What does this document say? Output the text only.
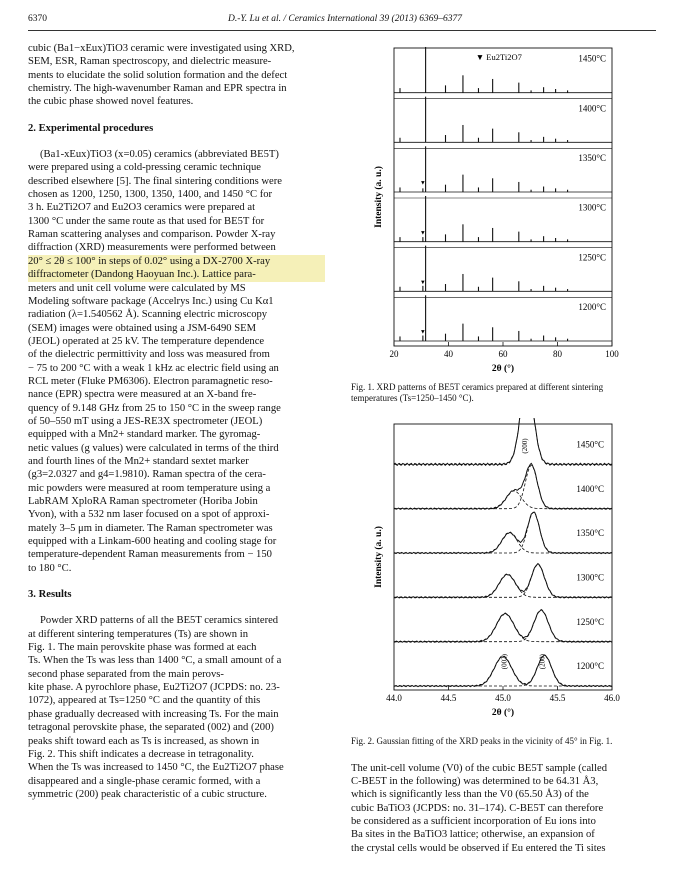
6370	D.-Y. Lu et al. / Ceramics International 39 (2013) 6369–6377

cubic (Ba1−xEux)TiO3 ceramic were investigated using XRD,

SEM, ESR, Raman spectroscopy, and dielectric measure-

ments to elucidate the solid solution formation and the defect

chemistry. The high-wavenumber Raman and EPR spectra in

the cubic phase showed novel features.

2. Experimental procedures

(Ba1-xEux)TiO3 (x=0.05) ceramics (abbreviated BE5T)

were prepared using a cold-pressing ceramic technique

described elsewhere [5]. The final sintering conditions were

chosen as 1200, 1250, 1300, 1350, 1400, and 1450 °C for

3 h. Eu2Ti2O7 and Eu2O3 ceramics were prepared at

1300 °C under the same route as that used for BE5T for

Raman scattering analyses and comparison. Powder X-ray

diffraction (XRD) measurements were performed between

20° ≤ 2θ ≤ 100° in steps of 0.02° using a DX-2700 X-ray

diffractometer (Dandong Haoyuan Inc.). Lattice para-

meters and unit cell volume were calculated by MS

Modeling software package (Accelrys Inc.) using Cu Kα1

radiation (λ=1.540562 Å). Scanning electric microscopy

(SEM) images were obtained using a JSM-6490 SEM

(JEOL) operated at 25 kV. The temperature dependence

of the dielectric permittivity and loss was measured from

− 75 to 200 °C with a weak 1 kHz ac electric field using an

RCL meter (Fluke PM6306). Electron paramagnetic reso-

nance (EPR) spectra were measured at an X-band fre-

quency of 9.148 GHz from 25 to 150 °C in the sweep range

of 50–550 mT using a JES-RE3X spectrometer (JEOL)

equipped with a Mn2+ standard marker. The gyromag-

netic values (g values) were calculated in terms of the third

and fourth lines of the Mn2+ standard sextet marker

(g3=2.0327 and g4=1.9810). Raman spectra of the cera-

mic powders were measured at room temperature using a

LabRAM XploRA Raman spectrometer (Horiba Jobin

Yvon), with a 532 nm laser focused on a spot of approxi-

mately 3–5 μm in diameter. The Raman spectrometer was

equipped with a Linkam-600 heating and cooling stage for

temperature-dependent Raman measurements from − 150

to 180 °C.

3. Results

Powder XRD patterns of all the BE5T ceramics sintered

at different sintering temperatures (Ts) are shown in

Fig. 1. The main perovskite phase was formed at each

Ts. When the Ts was less than 1400 °C, a small amount of a

second phase separated from the main perovs-

kite phase. A pyrochlore phase, Eu2Ti2O7 (JCPDS: no. 23-

1072), appeared at Ts=1250 °C and the quantity of this

phase gradually decreased with increasing Ts. For the main

tetragonal perovskite phase, the separated (002) and (200)

peaks shift toward each as Ts is increased, as shown in

Fig. 2. This shift indicates a decrease in tetragonality.

When the Ts was increased to 1450 °C, the Eu2Ti2O7 phase

disappeared and a single-phase ceramic formed, with a

symmetric (200) peak characteristic of a cubic structure.

1450°C
1400°C
1350°C
▼
1300°C
▼
1250°C
▼
1200°C
▼
▼ Eu2Ti2O7
20	40	60	80	100
2θ (°)
Intensity (a. u.)
Fig. 1. XRD patterns of BE5T ceramics prepared at different sintering temperatures (Ts=1250–1450 °C).
1450°C
1400°C
1350°C
1300°C
1250°C
1200°C
(200)
(002)	(200)
44.0	44.5	45.0	45.5	46.0
2θ (°)
Intensity (a. u.)
Fig. 2. Gaussian fitting of the XRD peaks in the vicinity of 45° in Fig. 1.

The unit-cell volume (V0) of the cubic BE5T sample (called

C-BE5T in the following) was determined to be 64.31 Å3,

which is significantly less than the V0 (65.50 Å3) of the

cubic BaTiO3 (JCPDS: no. 31–174). C-BE5T can therefore

be considered as a sufficient incorporation of Eu ions into

Ba sites in the BaTiO3 lattice; otherwise, an expansion of

the crystal cells would be observed if Eu entered the Ti sites
